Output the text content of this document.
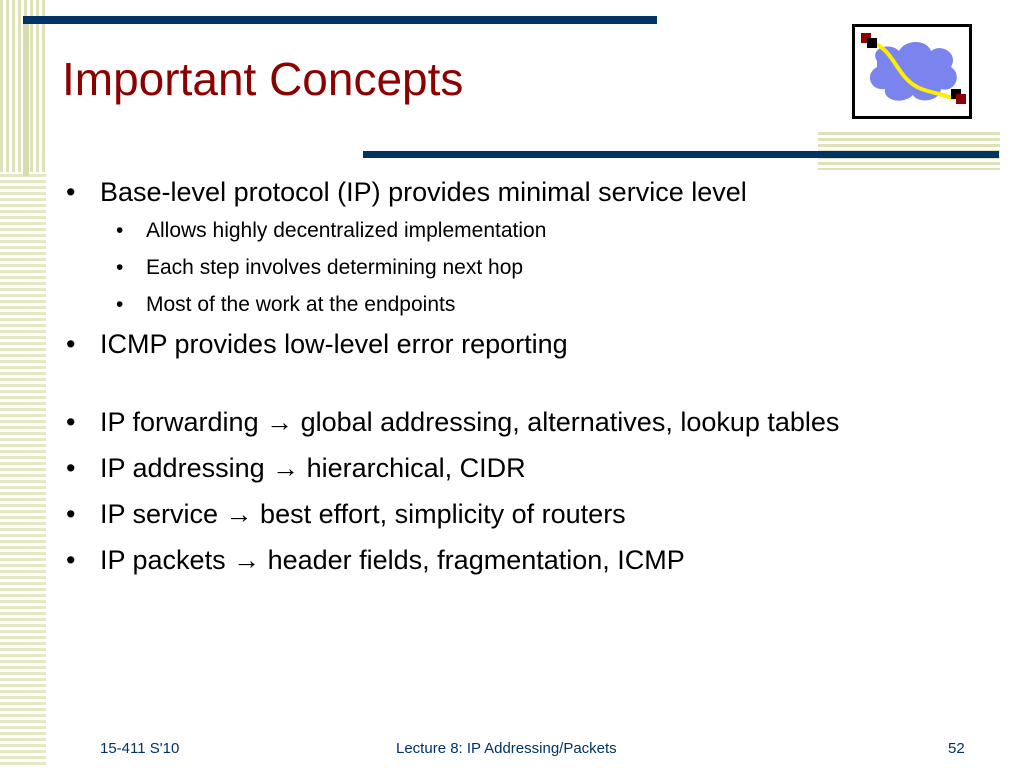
Important Concepts

• Base-level protocol (IP) provides minimal service level

• Allows highly decentralized implementation

• Each step involves determining next hop

• Most of the work at the endpoints

• ICMP provides low-level error reporting

• IP forwarding → global addressing, alternatives, lookup tables

• IP addressing → hierarchical, CIDR

• IP service → best effort, simplicity of routers

• IP packets → header fields, fragmentation, ICMP

15-411 S'10	Lecture 8: IP Addressing/Packets	52
